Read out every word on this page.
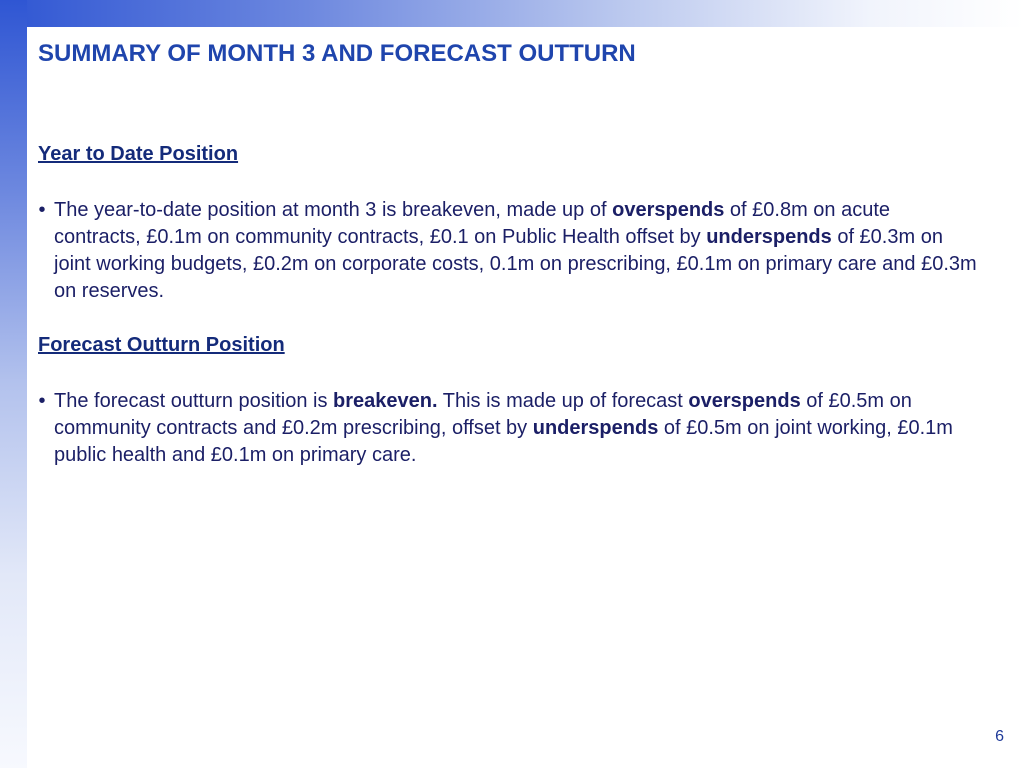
SUMMARY OF MONTH 3 AND FORECAST OUTTURN
Year to Date Position
• The year-to-date position at month 3 is breakeven, made up of overspends of £0.8m on acute contracts, £0.1m on community contracts, £0.1 on Public Health offset by underspends of £0.3m on joint working budgets, £0.2m on corporate costs, 0.1m on prescribing, £0.1m on primary care and £0.3m on reserves.
Forecast Outturn Position
• The forecast outturn position is breakeven. This is made up of forecast overspends of £0.5m on community contracts and £0.2m prescribing, offset by underspends of £0.5m on joint working, £0.1m public health and £0.1m on primary care.
6
